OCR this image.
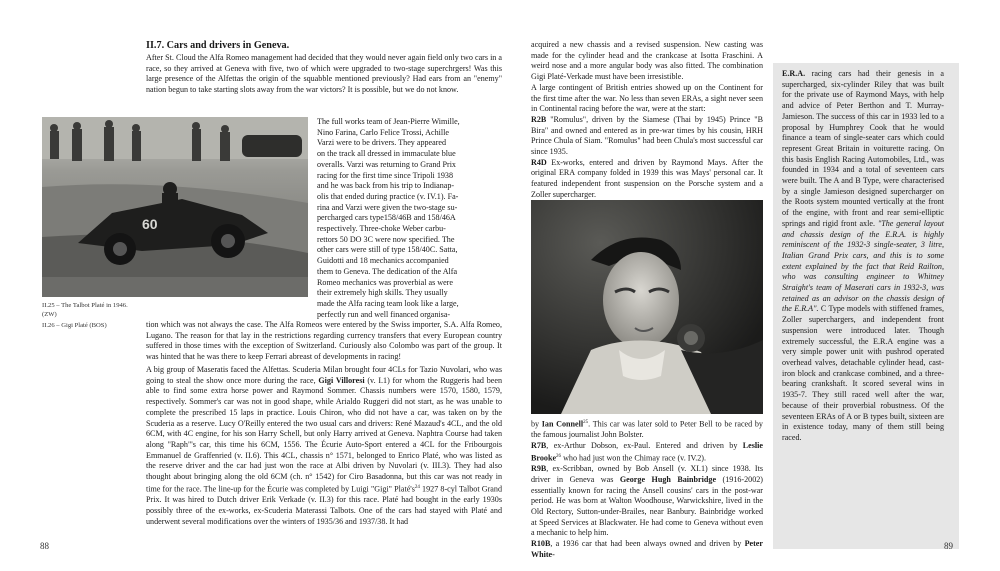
II.7. Cars and drivers in Geneva.

After St. Cloud the Alfa Romeo management had decided that they would never again field only two cars in a race, so they arrived at Geneva with five, two of which were upgraded to two-stage superchrgers! Was this large presence of the Alfettas the origin of the squabble mentioned previously? Had ears from an "enemy" nation begun to take starting slots away from the war victors? It is possible, but we do not know.

60
The full works team of Jean-Pierre Wimille,
Nino Farina, Carlo Felice Trossi, Achille
Varzi were to be drivers. They appeared
on the track all dressed in immaculate blue
overalls. Varzi was returning to Grand Prix
racing for the first time since Tripoli 1938
and he was back from his trip to Indianap-
olis that ended during practice (v. IV.1). Fa-
rina and Varzi were given the two-stage su-
percharged cars type158/46B and 158/46A
respectively. Three-choke Weber carbu-
rettors 50 DO 3C were now specified. The
other cars were still of type 158/40C. Satta,
Guidotti and 18 mechanics accompanied
them to Geneva. The dedication of the Alfa
Romeo mechanics was proverbial as were
their extremely high skills. They usually
made the Alfa racing team look like a large,
perfectly run and well financed organisa-

II.25 – The Talbot Platé in 1946. (ZW)

II.26 – Gigi Platé (BOS)	tion which was not always the case. The Alfa Romeos were entered by the Swiss importer, S.A. Alfa Romeo, Lugano. The reason for that lay in the restrictions regarding currency transfers that every European country suffered in those times with the exception of Switzerland. Curiously also Colombo was part of the group. It was hinted that he was there to keep Ferrari abreast of developments in racing!

A big group of Maseratis faced the Alfettas. Scuderia Milan brought four 4CLs for Tazio Nuvolari, who was going to steal the show once more during the race, Gigi Villoresi (v. I.1) for whom the Ruggeris had been able to find some extra horse power and Raymond Sommer. Chassis numbers were 1570, 1580, 1579, respectively. Sommer's car was not in good shape, while Arialdo Ruggeri did not start, as he was unable to complete the prescribed 15 laps in practice. Louis Chiron, who did not have a car, was taken on by the Scuderia as a reserve. Lucy O'Reilly entered the two usual cars and drivers: René Mazaud's 4CL, and the old 6CM, with 4C engine, for his son Harry Schell, but only Harry arrived at Geneva. Naphtra Course had taken along "Raph"'s car, this time his 6CM, 1556. The Écurie Auto-Sport entered a 4CL for the Fribourgois Emmanuel de Graffenried (v. II.6). This 4CL, chassis n° 1571, belonged to Enrico Platé, who was listed as the reserve driver and the car had just won the race at Albi driven by Nuvolari (v. III.3). They had also thought about bringing along the old 6CM (ch. n° 1542) for Ciro Basadonna, but this car was not ready in time for the race. The line-up for the Écurie was completed by Luigi "Gigi" $Platé's^{24}$ 1927 8-cyl Talbot Grand Prix. It was hired to Dutch driver Erik Verkade (v. II.3) for this race. Platé had bought in the early 1930s possibly three of the ex-works, ex-Scuderia Materassi Talbots. One of the cars had stayed with Platé and underwent several modifications over the winters of 1935/36 and 1937/38. It had

88

acquired a new chassis and a revised suspension. New casting was made for the cylinder head and the crankcase at Isotta Fraschini. A weird nose and a more angular body was also fitted. The combination Gigi Platé-Verkade must have been irresistible.

A large contingent of British entries showed up on the Continent for the first time after the war. No less than seven ERAs, a sight never seen in Continental racing before the war, were at the start:

R2B "Romulus", driven by the Siamese (Thai by 1945) Prince "B Bira" and owned and entered as in pre-war times by his cousin, HRH Prince Chula of Siam. "Romulus" had been Chula's most successful car since 1935.

R4D Ex-works, entered and driven by Raymond Mays. After the original ERA company folded in 1939 this was Mays' personal car. It featured independent front suspension on the Porsche system and a Zoller supercharger.

by Ian Connell$^{25}$. This car was later sold to Peter Bell to be raced by the famous journalist John Bolster.

R7B, ex-Arthur Dobson, ex-Paul. Entered and driven by Leslie Brooke$^{26}$ who had just won the Chimay race (v. IV.2).

R9B, ex-Scribban, owned by Bob Ansell (v. XI.1) since 1938. Its driver in Geneva was George Hugh Bainbridge (1916-2002) essentially known for racing the Ansell cousins' cars in the post-war period. He was born at Walton Woodhouse, Warwickshire, lived in the Old Rectory, Sutton-under-Brailes, near Banbury. Bainbridge worked at Speed Services at Blackwater. He had come to Geneva without even a mechanic to help him.

R10B, a 1936 car that had been always owned and driven by Peter White-

E.R.A. racing cars had their genesis in a supercharged, six-cylinder Riley that was built for the private use of Raymond Mays, with help and advice of Peter Berthon and T. Murray-Jamieson. The success of this car in 1933 led to a proposal by Humphrey Cook that he would finance a team of single-seater cars which could represent Great Britain in voiturette racing. On this basis English Racing Automobiles, Ltd., was founded in 1934 and a total of seventeen cars were built. The A and B Type, were characterised by a single Jamieson designed supercharger on the Roots system mounted vertically at the front of the engine, with front and rear semi-elliptic springs and rigid front axle. "The general layout and chassis design of the E.R.A. is highly reminiscent of the 1932-3 single-seater, 3 litre, Italian Grand Prix cars, and this is to some extent explained by the fact that Reid Railton, who was consulting engineer to Whitney Straight's team of Maserati cars in 1932-3, was retained as an advisor on the chassis design of the E.R.A". C Type models with stiffened frames, Zoller superchargers, and independent front suspension were introduced later. Though extremely successful, the E.R.A engine was a very simple power unit with pushrod operated overhead valves, detachable cylinder head, cast-iron block and crankcase combined, and a three-bearing crankshaft. It scored several wins in 1935-7. They still raced well after the war, because of their proverbial robustness. Of the seventeen ERAs of A or B types built, sixteen are in existence today, many of them still being raced.

89
